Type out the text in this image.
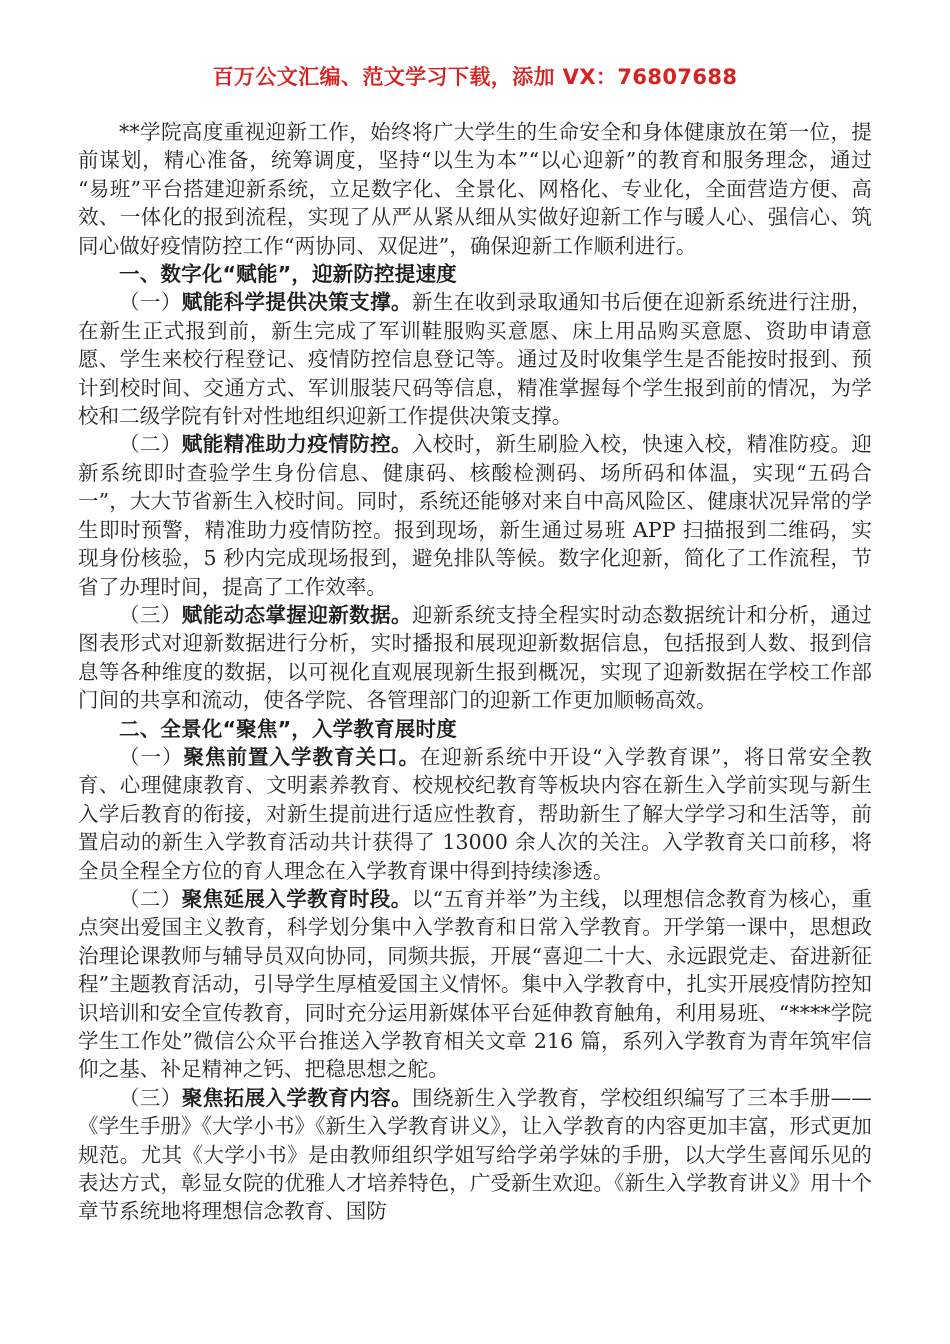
百万公文汇编、范文学习下载，添加 VX：76807688

**学院高度重视迎新工作，始终将广大学生的生命安全和身体健康放在第一位，提前谋划，精心准备，统筹调度，坚持“以生为本”“以心迎新”的教育和服务理念，通过 “易班”平台搭建迎新系统，立足数字化、全景化、网格化、专业化，全面营造方便、高效、一体化的报到流程，实现了从严从紧从细从实做好迎新工作与暖人心、强信心、筑同心做好疫情防控工作“两协同、双促进”，确保迎新工作顺利进行。

一、数字化“赋能”，迎新防控提速度

（一）赋能科学提供决策支撑。新生在收到录取通知书后便在迎新系统进行注册，在新生正式报到前，新生完成了军训鞋服购买意愿、床上用品购买意愿、资助申请意愿、学生来校行程登记、疫情防控信息登记等。通过及时收集学生是否能按时报到、预计到校时间、交通方式、军训服装尺码等信息，精准掌握每个学生报到前的情况，为学校和二级学院有针对性地组织迎新工作提供决策支撑。

（二）赋能精准助力疫情防控。入校时，新生刷脸入校，快速入校，精准防疫。迎新系统即时查验学生身份信息、健康码、核酸检测码、场所码和体温，实现“五码合一”，大大节省新生入校时间。同时，系统还能够对来自中高风险区、健康状况异常的学生即时预警，精准助力疫情防控。报到现场，新生通过易班 APP 扫描报到二维码，实现身份核验，5 秒内完成现场报到，避免排队等候。数字化迎新，简化了工作流程，节省了办理时间，提高了工作效率。

（三）赋能动态掌握迎新数据。迎新系统支持全程实时动态数据统计和分析，通过图表形式对迎新数据进行分析，实时播报和展现迎新数据信息，包括报到人数、报到信息等各种维度的数据，以可视化直观展现新生报到概况，实现了迎新数据在学校工作部门间的共享和流动，使各学院、各管理部门的迎新工作更加顺畅高效。

二、全景化“聚焦”，入学教育展时度

（一）聚焦前置入学教育关口。在迎新系统中开设“入学教育课”，将日常安全教育、心理健康教育、文明素养教育、校规校纪教育等板块内容在新生入学前实现与新生入学后教育的衔接，对新生提前进行适应性教育，帮助新生了解大学学习和生活等，前置启动的新生入学教育活动共计获得了 13000 余人次的关注。入学教育关口前移，将全员全程全方位的育人理念在入学教育课中得到持续渗透。

（二）聚焦延展入学教育时段。以“五育并举”为主线，以理想信念教育为核心，重点突出爱国主义教育，科学划分集中入学教育和日常入学教育。开学第一课中，思想政治理论课教师与辅导员双向协同，同频共振，开展“喜迎二十大、永远跟党走、奋进新征程”主题教育活动，引导学生厚植爱国主义情怀。集中入学教育中，扎实开展疫情防控知识培训和安全宣传教育，同时充分运用新媒体平台延伸教育触角，利用易班、“****学院学生工作处”微信公众平台推送入学教育相关文章 216 篇，系列入学教育为青年筑牢信仰之基、补足精神之钙、把稳思想之舵。

（三）聚焦拓展入学教育内容。围绕新生入学教育，学校组织编写了三本手册——《学生手册》《大学小书》《新生入学教育讲义》，让入学教育的内容更加丰富，形式更加规范。尤其《大学小书》是由教师组织学姐写给学弟学妹的手册，以大学生喜闻乐见的表达方式，彰显女院的优雅人才培养特色，广受新生欢迎。《新生入学教育讲义》用十个章节系统地将理想信念教育、国防
